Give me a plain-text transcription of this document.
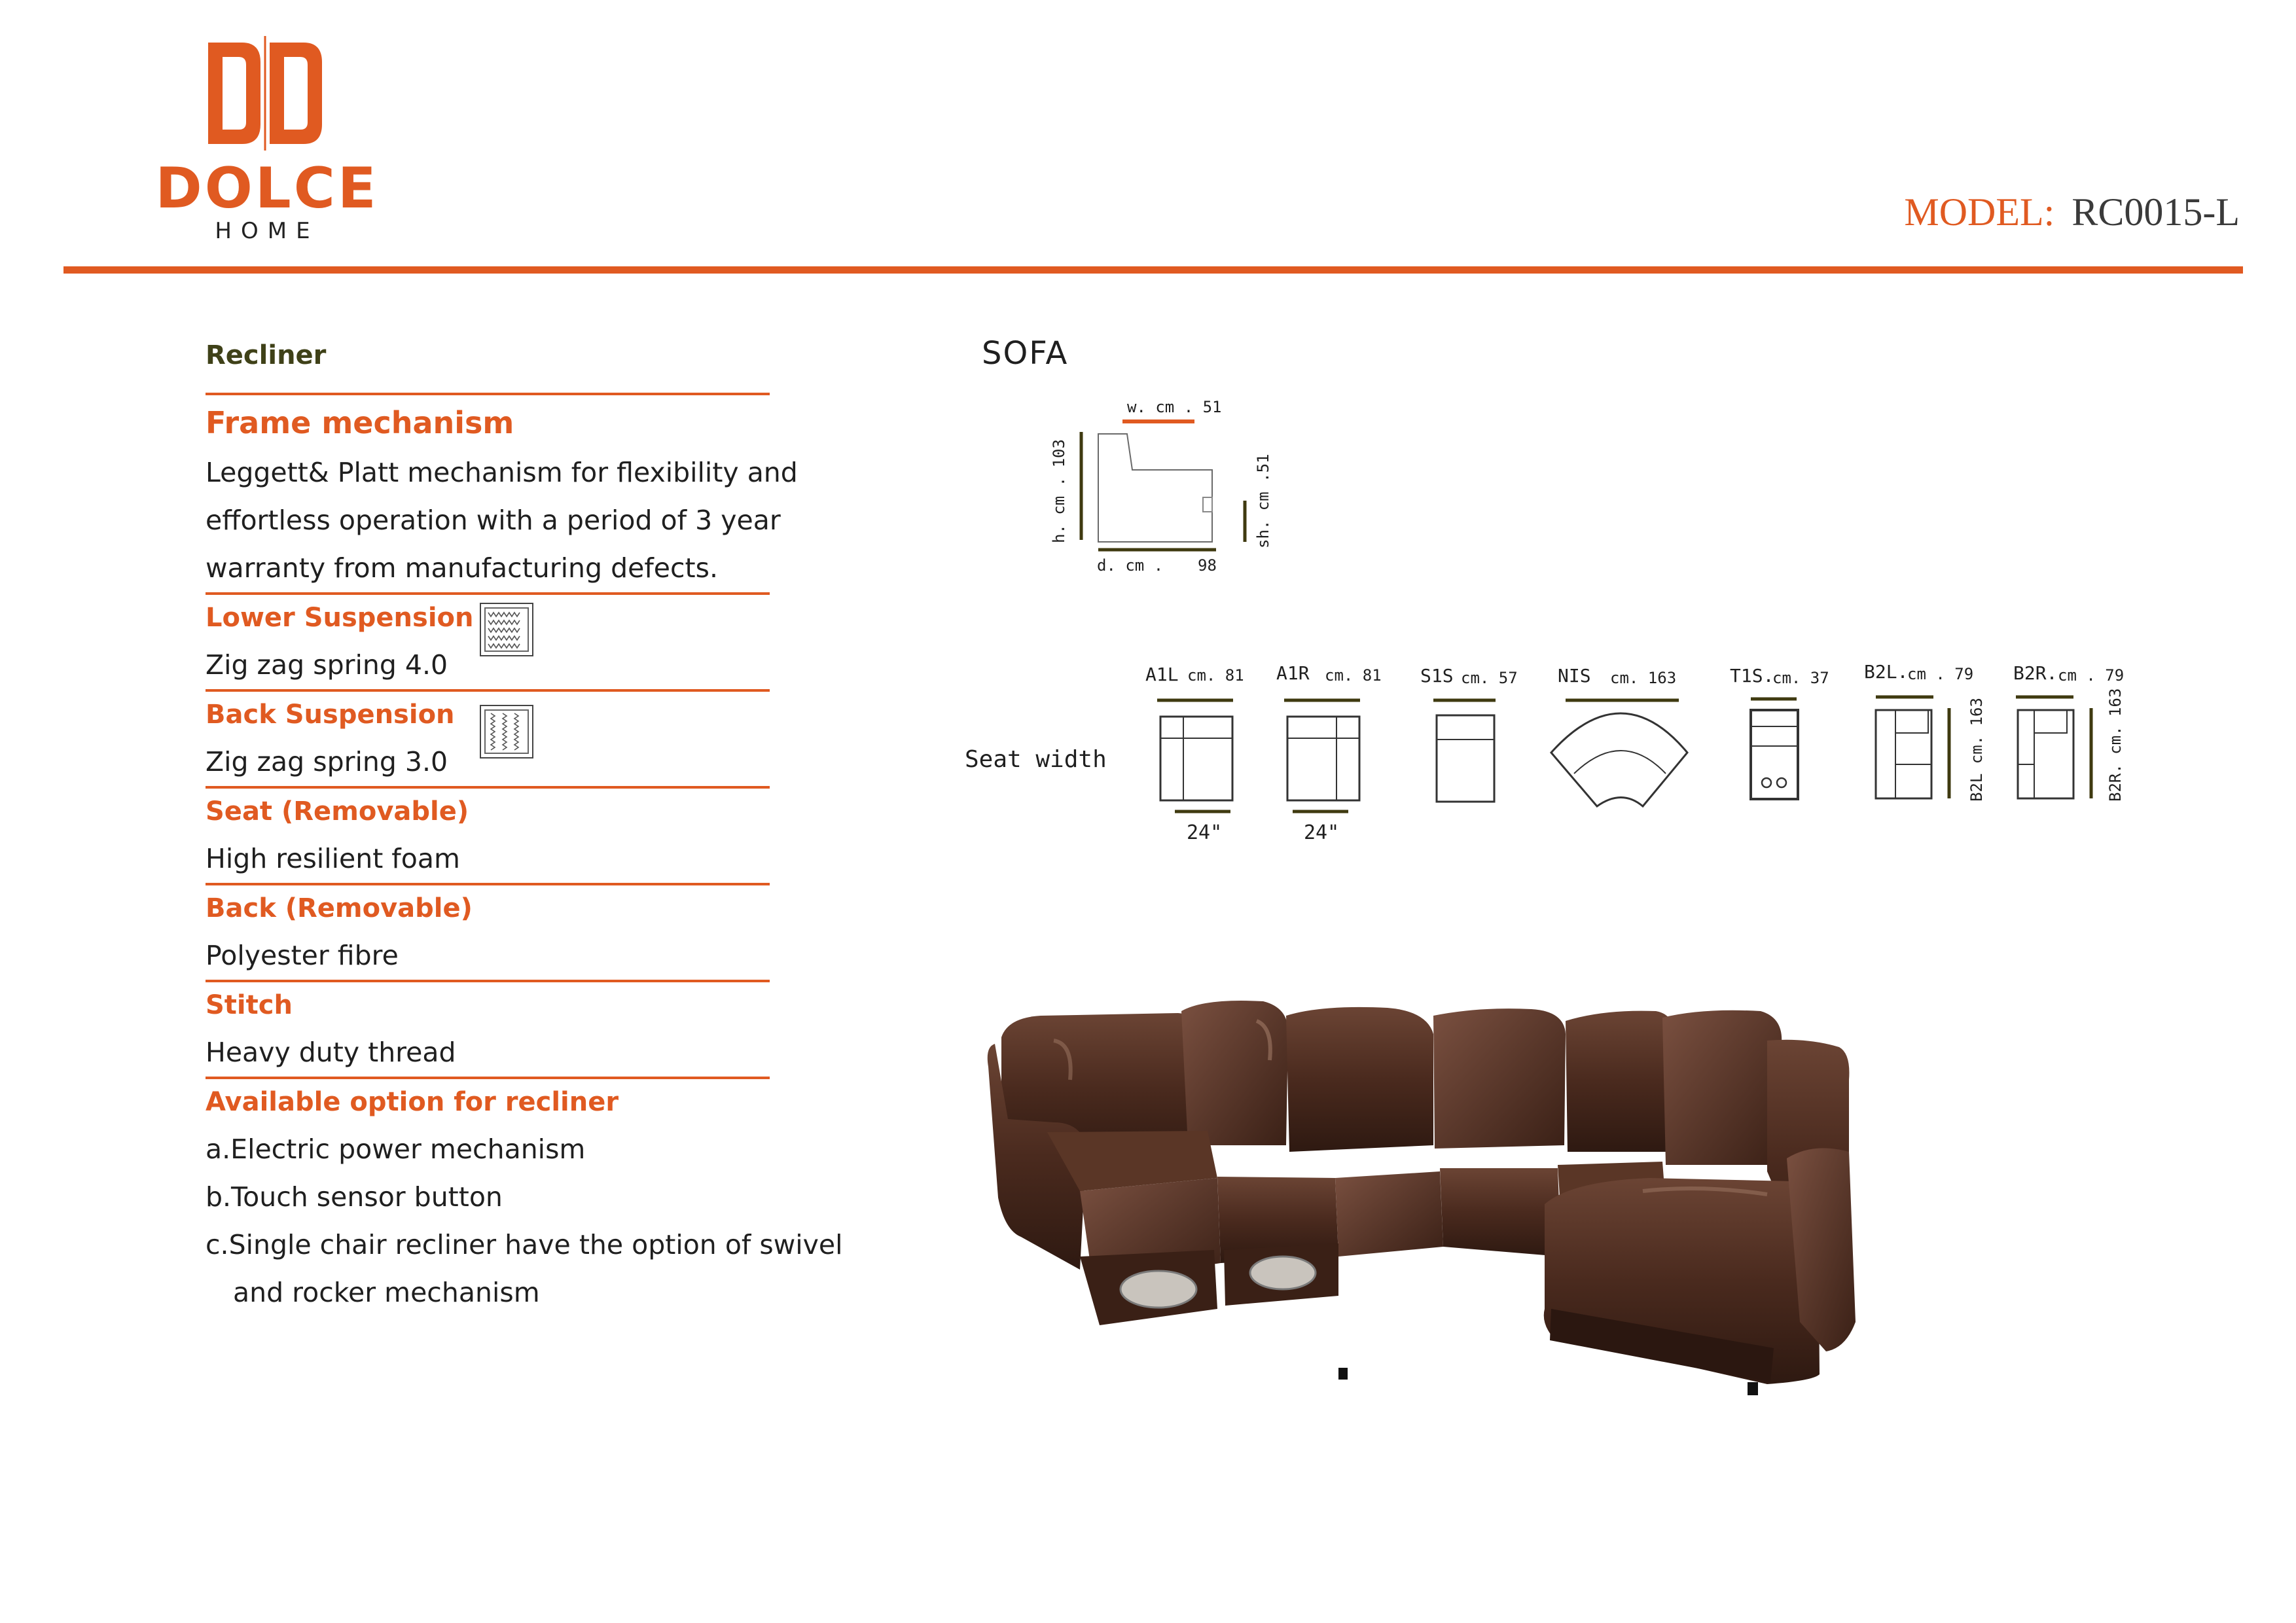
DOLCE
HOME	MODEL: RC0015-L
Recliner
Frame mechanism
Leggett& Platt mechanism for flexibility and
effortless operation with a period of 3 year
warranty from manufacturing defects.
Lower Suspension
Zig zag spring 4.0
Back Suspension
Zig zag spring 3.0
Seat (Removable)
High resilient foam
Back (Removable)
Polyester fibre
Stitch
Heavy duty thread
Available option for recliner
a.Electric power mechanism
b.Touch sensor button
c.Single chair recliner have the option of swivel
and rocker mechanism
SOFA
w. cm . 51
h. cm . 103
d. cm . 98
sh. cm .51
Seat width
A1L cm. 81
24"
A1R cm. 81
24"
S1S cm. 57 NIS cm. 163	T1S.
cm. 37 B2L.
cm . 79
B2L cm. 163
B2R. cm . 79
B2R. cm. 163
